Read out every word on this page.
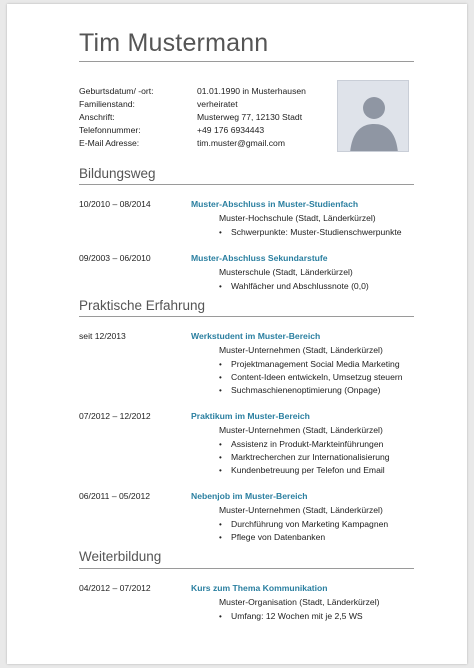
Tim Mustermann
Geburtsdatum/ -ort:	01.01.1990 in Musterhausen
Familienstand:	verheiratet
Anschrift:	Musterweg 77, 12130 Stadt
Telefonnummer:	+49 176 6934443
E-Mail Adresse:	tim.muster@gmail.com
Bildungsweg
10/2010 – 08/2014	Muster-Abschluss in Muster-Studienfach
Muster-Hochschule (Stadt, Länderkürzel)
• Schwerpunkte: Muster-Studienschwerpunkte
09/2003 – 06/2010	Muster-Abschluss Sekundarstufe
Musterschule (Stadt, Länderkürzel)
• Wahlfächer und Abschlussnote (0,0)
Praktische Erfahrung
seit 12/2013	Werkstudent im Muster-Bereich
Muster-Unternehmen (Stadt, Länderkürzel)
• Projektmanagement Social Media Marketing
• Content-Ideen entwickeln, Umsetzug steuern
• Suchmaschienenoptimierung (Onpage)
07/2012 – 12/2012	Praktikum im Muster-Bereich
Muster-Unternehmen (Stadt, Länderkürzel)
• Assistenz in Produkt-Markteinführungen
• Marktrecherchen zur Internationalisierung
• Kundenbetreuung per Telefon und Email
06/2011 – 05/2012	Nebenjob im Muster-Bereich
Muster-Unternehmen (Stadt, Länderkürzel)
• Durchführung von Marketing Kampagnen
• Pflege von Datenbanken
Weiterbildung
04/2012 – 07/2012	Kurs zum Thema Kommunikation
Muster-Organisation (Stadt, Länderkürzel)
• Umfang: 12 Wochen mit je 2,5 WS
